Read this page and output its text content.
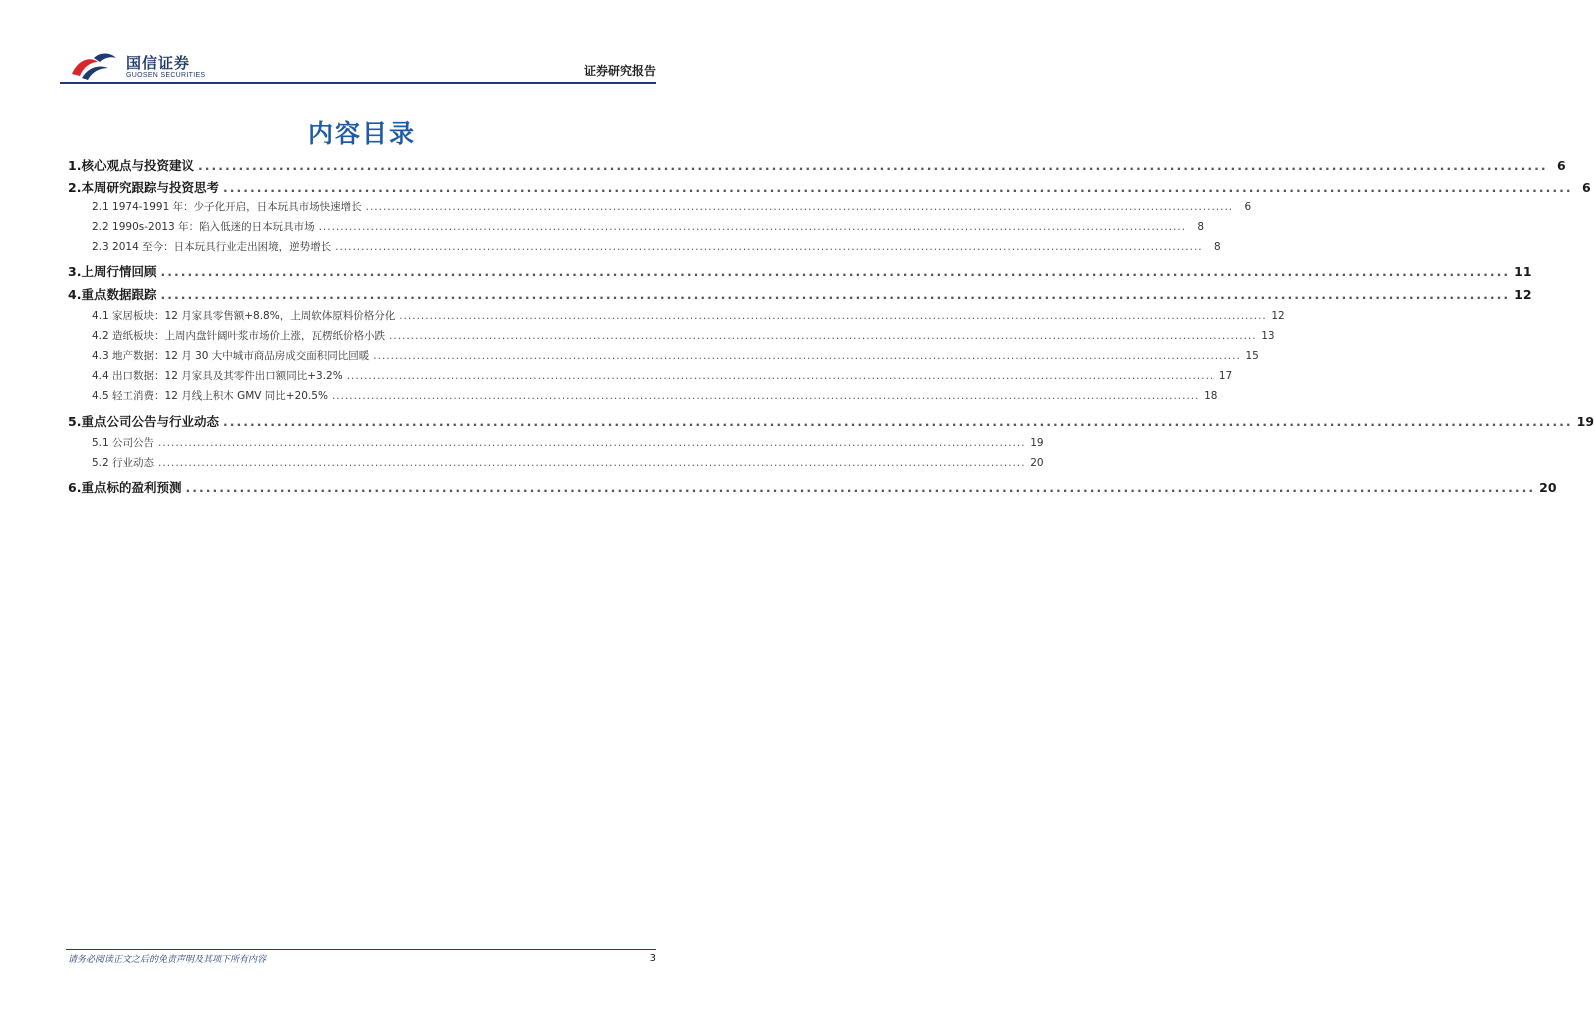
国信证券
GUOSEN SECURITIES	证券研究报告
内容目录
1.核心观点与投资建议 ........................................................................................................................................................................................................ 6
2.本周研究跟踪与投资思考 ........................................................................................................................................................................................................ 6
2.1 1974-1991 年：少子化开启，日本玩具市场快速增长 ........................................................................................................................................................................................................	6
2.2 1990s-2013 年：陷入低迷的日本玩具市场 ........................................................................................................................................................................................................	8
2.3 2014 至今：日本玩具行业走出困境，逆势增长 ........................................................................................................................................................................................................	8
3.上周行情回顾 ........................................................................................................................................................................................................ 11
4.重点数据跟踪 ........................................................................................................................................................................................................ 12
4.1 家居板块：12 月家具零售额+8.8%，上周软体原料价格分化 ........................................................................................................................................................................................................ 12
4.2 造纸板块：上周内盘针阔叶浆市场价上涨，瓦楞纸价格小跌 ........................................................................................................................................................................................................ 13
4.3 地产数据：12 月 30 大中城市商品房成交面积同比回暖 ........................................................................................................................................................................................................ 15
4.4 出口数据：12 月家具及其零件出口额同比+3.2% ........................................................................................................................................................................................................ 17
4.5 轻工消费：12 月线上积木 GMV 同比+20.5% ........................................................................................................................................................................................................ 18
5.重点公司公告与行业动态 ........................................................................................................................................................................................................ 19
5.1 公司公告 ........................................................................................................................................................................................................ 19
5.2 行业动态 ........................................................................................................................................................................................................ 20
6.重点标的盈利预测 ........................................................................................................................................................................................................ 20
请务必阅读正文之后的免责声明及其项下所有内容	3
